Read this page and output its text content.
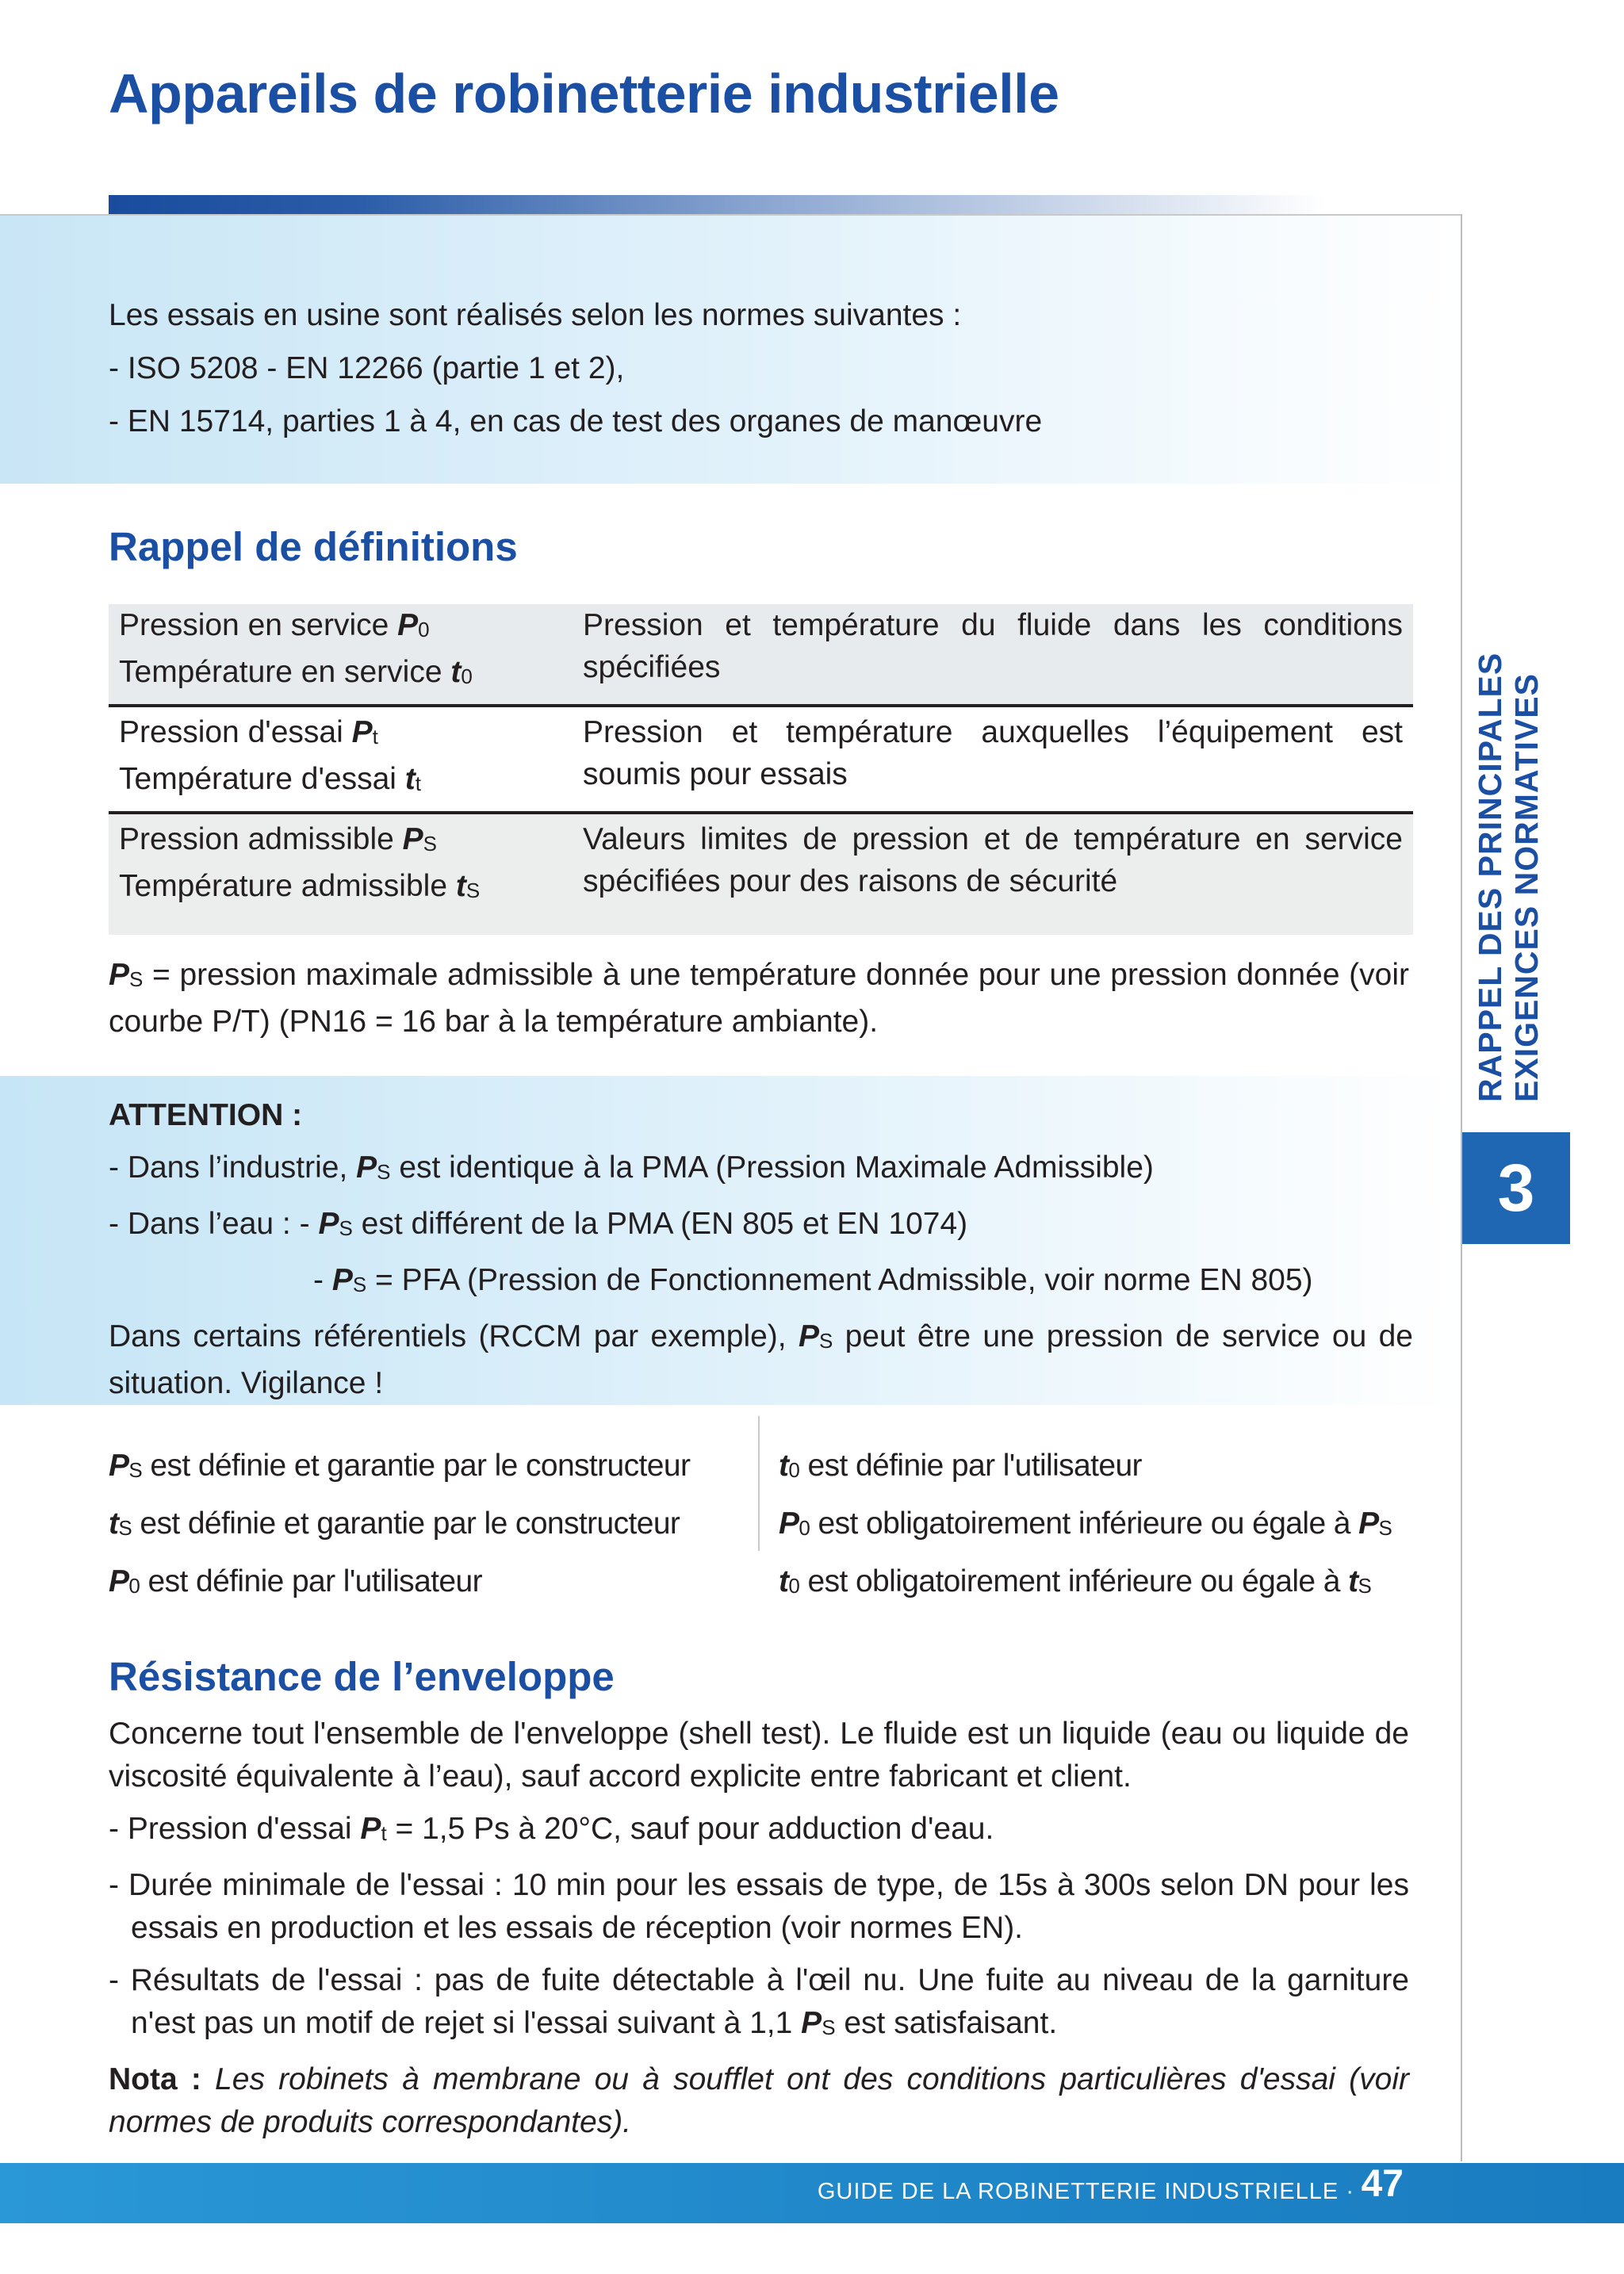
Appareils de robinetterie industrielle
Les essais en usine sont réalisés selon les normes suivantes :
- ISO 5208 - EN 12266 (partie 1 et 2),
- EN 15714, parties 1 à 4, en cas de test des organes de manœuvre
Rappel de définitions
Pression en service P0
Température en service t0
Pression et température du fluide dans les conditions spécifiées
Pression d'essai Pt
Température d'essai tt
Pression et température auxquelles l’équipement est soumis pour essais
Pression admissible PS
Température admissible tS
Valeurs limites de pression et de température en service spécifiées pour des raisons de sécurité
PS = pression maximale admissible à une température donnée pour une pression donnée (voir courbe P/T) (PN16 = 16 bar à la température ambiante).
ATTENTION :
- Dans l’industrie, PS est identique à la PMA (Pression Maximale Admissible)
- Dans l’eau : - PS est différent de la PMA (EN 805 et EN 1074)
- PS = PFA (Pression de Fonctionnement Admissible, voir norme EN 805)
Dans certains référentiels (RCCM par exemple), PS peut être une pression de service ou de situation. Vigilance !
PS est définie et garantie par le constructeur
tS est définie et garantie par le constructeur
P0 est définie par l'utilisateur
t0 est définie par l'utilisateur
P0 est obligatoirement inférieure ou égale à PS
t0 est obligatoirement inférieure ou égale à tS
Résistance de l’enveloppe
Concerne tout l'ensemble de l'enveloppe (shell test). Le fluide est un liquide (eau ou liquide de viscosité équivalente à l’eau), sauf accord explicite entre fabricant et client.
- Pression d'essai Pt = 1,5 Ps à 20°C, sauf pour adduction d'eau.
- Durée minimale de l'essai : 10 min pour les essais de type, de 15s à 300s selon DN pour les essais en production et les essais de réception (voir normes EN).
- Résultats de l'essai : pas de fuite détectable à l'œil nu. Une fuite au niveau de la garniture n'est pas un motif de rejet si l'essai suivant à 1,1 PS est satisfaisant.
Nota : Les robinets à membrane ou à soufflet ont des conditions particulières d'essai (voir normes de produits correspondantes).
RAPPEL DES PRINCIPALES EXIGENCES NORMATIVES
3
GUIDE DE LA ROBINETTERIE INDUSTRIELLE · 47
